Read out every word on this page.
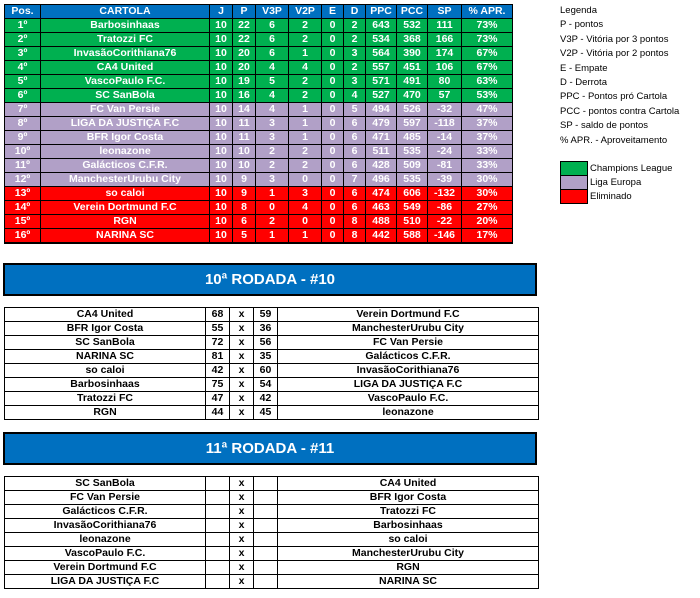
Pos.	CARTOLA	J	P	V3P	V2P	E	D	PPC	PCC	SP	% APR.
1º	Barbosinhaas	10	22	6	2	0	2	643	532	111	73%
2º	Tratozzi FC	10	22	6	2	0	2	534	368	166	73%
3º	InvasãoCorithiana76	10	20	6	1	0	3	564	390	174	67%
4º	CA4 United	10	20	4	4	0	2	557	451	106	67%
5º	VascoPaulo F.C.	10	19	5	2	0	3	571	491	80	63%
6º	SC SanBola	10	16	4	2	0	4	527	470	57	53%
7º	FC Van Persie	10	14	4	1	0	5	494	526	-32	47%
8º	LIGA DA JUSTIÇA F.C	10	11	3	1	0	6	479	597	-118	37%
9º	BFR Igor Costa	10	11	3	1	0	6	471	485	-14	37%
10º	leonazone	10	10	2	2	0	6	511	535	-24	33%
11º	Galácticos C.F.R.	10	10	2	2	0	6	428	509	-81	33%
12º	ManchesterUrubu City	10	9	3	0	0	7	496	535	-39	30%
13º	so caloi	10	9	1	3	0	6	474	606	-132	30%
14º	Verein Dortmund F.C	10	8	0	4	0	6	463	549	-86	27%
15º	RGN	10	6	2	0	0	8	488	510	-22	20%
16º	NARINA SC	10	5	1	1	0	8	442	588	-146	17%
Legenda
P - pontos
V3P - Vitória por 3 pontos
V2P - Vitória por 2 pontos
E - Empate
D - Derrota
PPC - Pontos pró Cartola
PCC - pontos contra Cartola
SP - saldo de pontos
% APR. - Aproveitamento
	Champions League
	Liga Europa
	Eliminado
10ª RODADA - #10
CA4 United	68	x	59	Verein Dortmund F.C
BFR Igor Costa	55	x	36	ManchesterUrubu City
SC SanBola	72	x	56	FC Van Persie
NARINA SC	81	x	35	Galácticos C.F.R.
so caloi	42	x	60	InvasãoCorithiana76
Barbosinhaas	75	x	54	LIGA DA JUSTIÇA F.C
Tratozzi FC	47	x	42	VascoPaulo F.C.
RGN	44	x	45	leonazone
11ª RODADA - #11
SC SanBola		x		CA4 United
FC Van Persie		x		BFR Igor Costa
Galácticos C.F.R.		x		Tratozzi FC
InvasãoCorithiana76		x		Barbosinhaas
leonazone		x		so caloi
VascoPaulo F.C.		x		ManchesterUrubu City
Verein Dortmund F.C		x		RGN
LIGA DA JUSTIÇA F.C		x		NARINA SC
